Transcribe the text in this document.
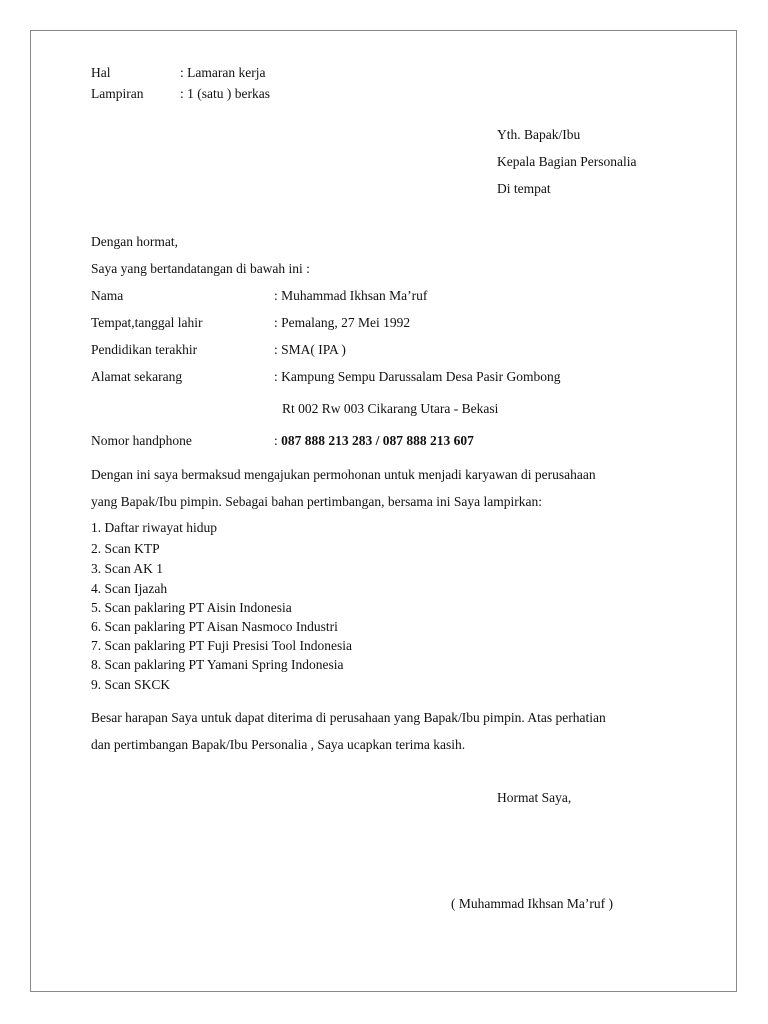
Hal	: Lamaran kerja
Lampiran	: 1 (satu ) berkas
Yth. Bapak/Ibu
Kepala Bagian Personalia
Di tempat
Dengan hormat,
Saya yang bertandatangan di bawah ini :
Nama	: Muhammad Ikhsan Ma’ruf
Tempat,tanggal lahir	: Pemalang, 27 Mei 1992
Pendidikan terakhir	: SMA( IPA )
Alamat sekarang	: Kampung Sempu Darussalam Desa Pasir Gombong
Rt 002 Rw 003 Cikarang Utara - Bekasi
Nomor handphone	: 087 888 213 283 / 087 888 213 607
Dengan ini saya bermaksud mengajukan permohonan untuk menjadi karyawan di perusahaan
yang Bapak/Ibu pimpin. Sebagai bahan pertimbangan, bersama ini Saya lampirkan:
1. Daftar riwayat hidup
2. Scan KTP
3. Scan AK 1
4. Scan Ijazah
5. Scan paklaring PT Aisin Indonesia
6. Scan paklaring PT Aisan Nasmoco Industri
7. Scan paklaring PT Fuji Presisi Tool Indonesia
8. Scan paklaring PT Yamani Spring Indonesia
9. Scan SKCK
Besar harapan Saya untuk dapat diterima di perusahaan yang Bapak/Ibu pimpin. Atas perhatian
dan pertimbangan Bapak/Ibu Personalia , Saya ucapkan terima kasih.
Hormat Saya,
( Muhammad Ikhsan Ma’ruf )
